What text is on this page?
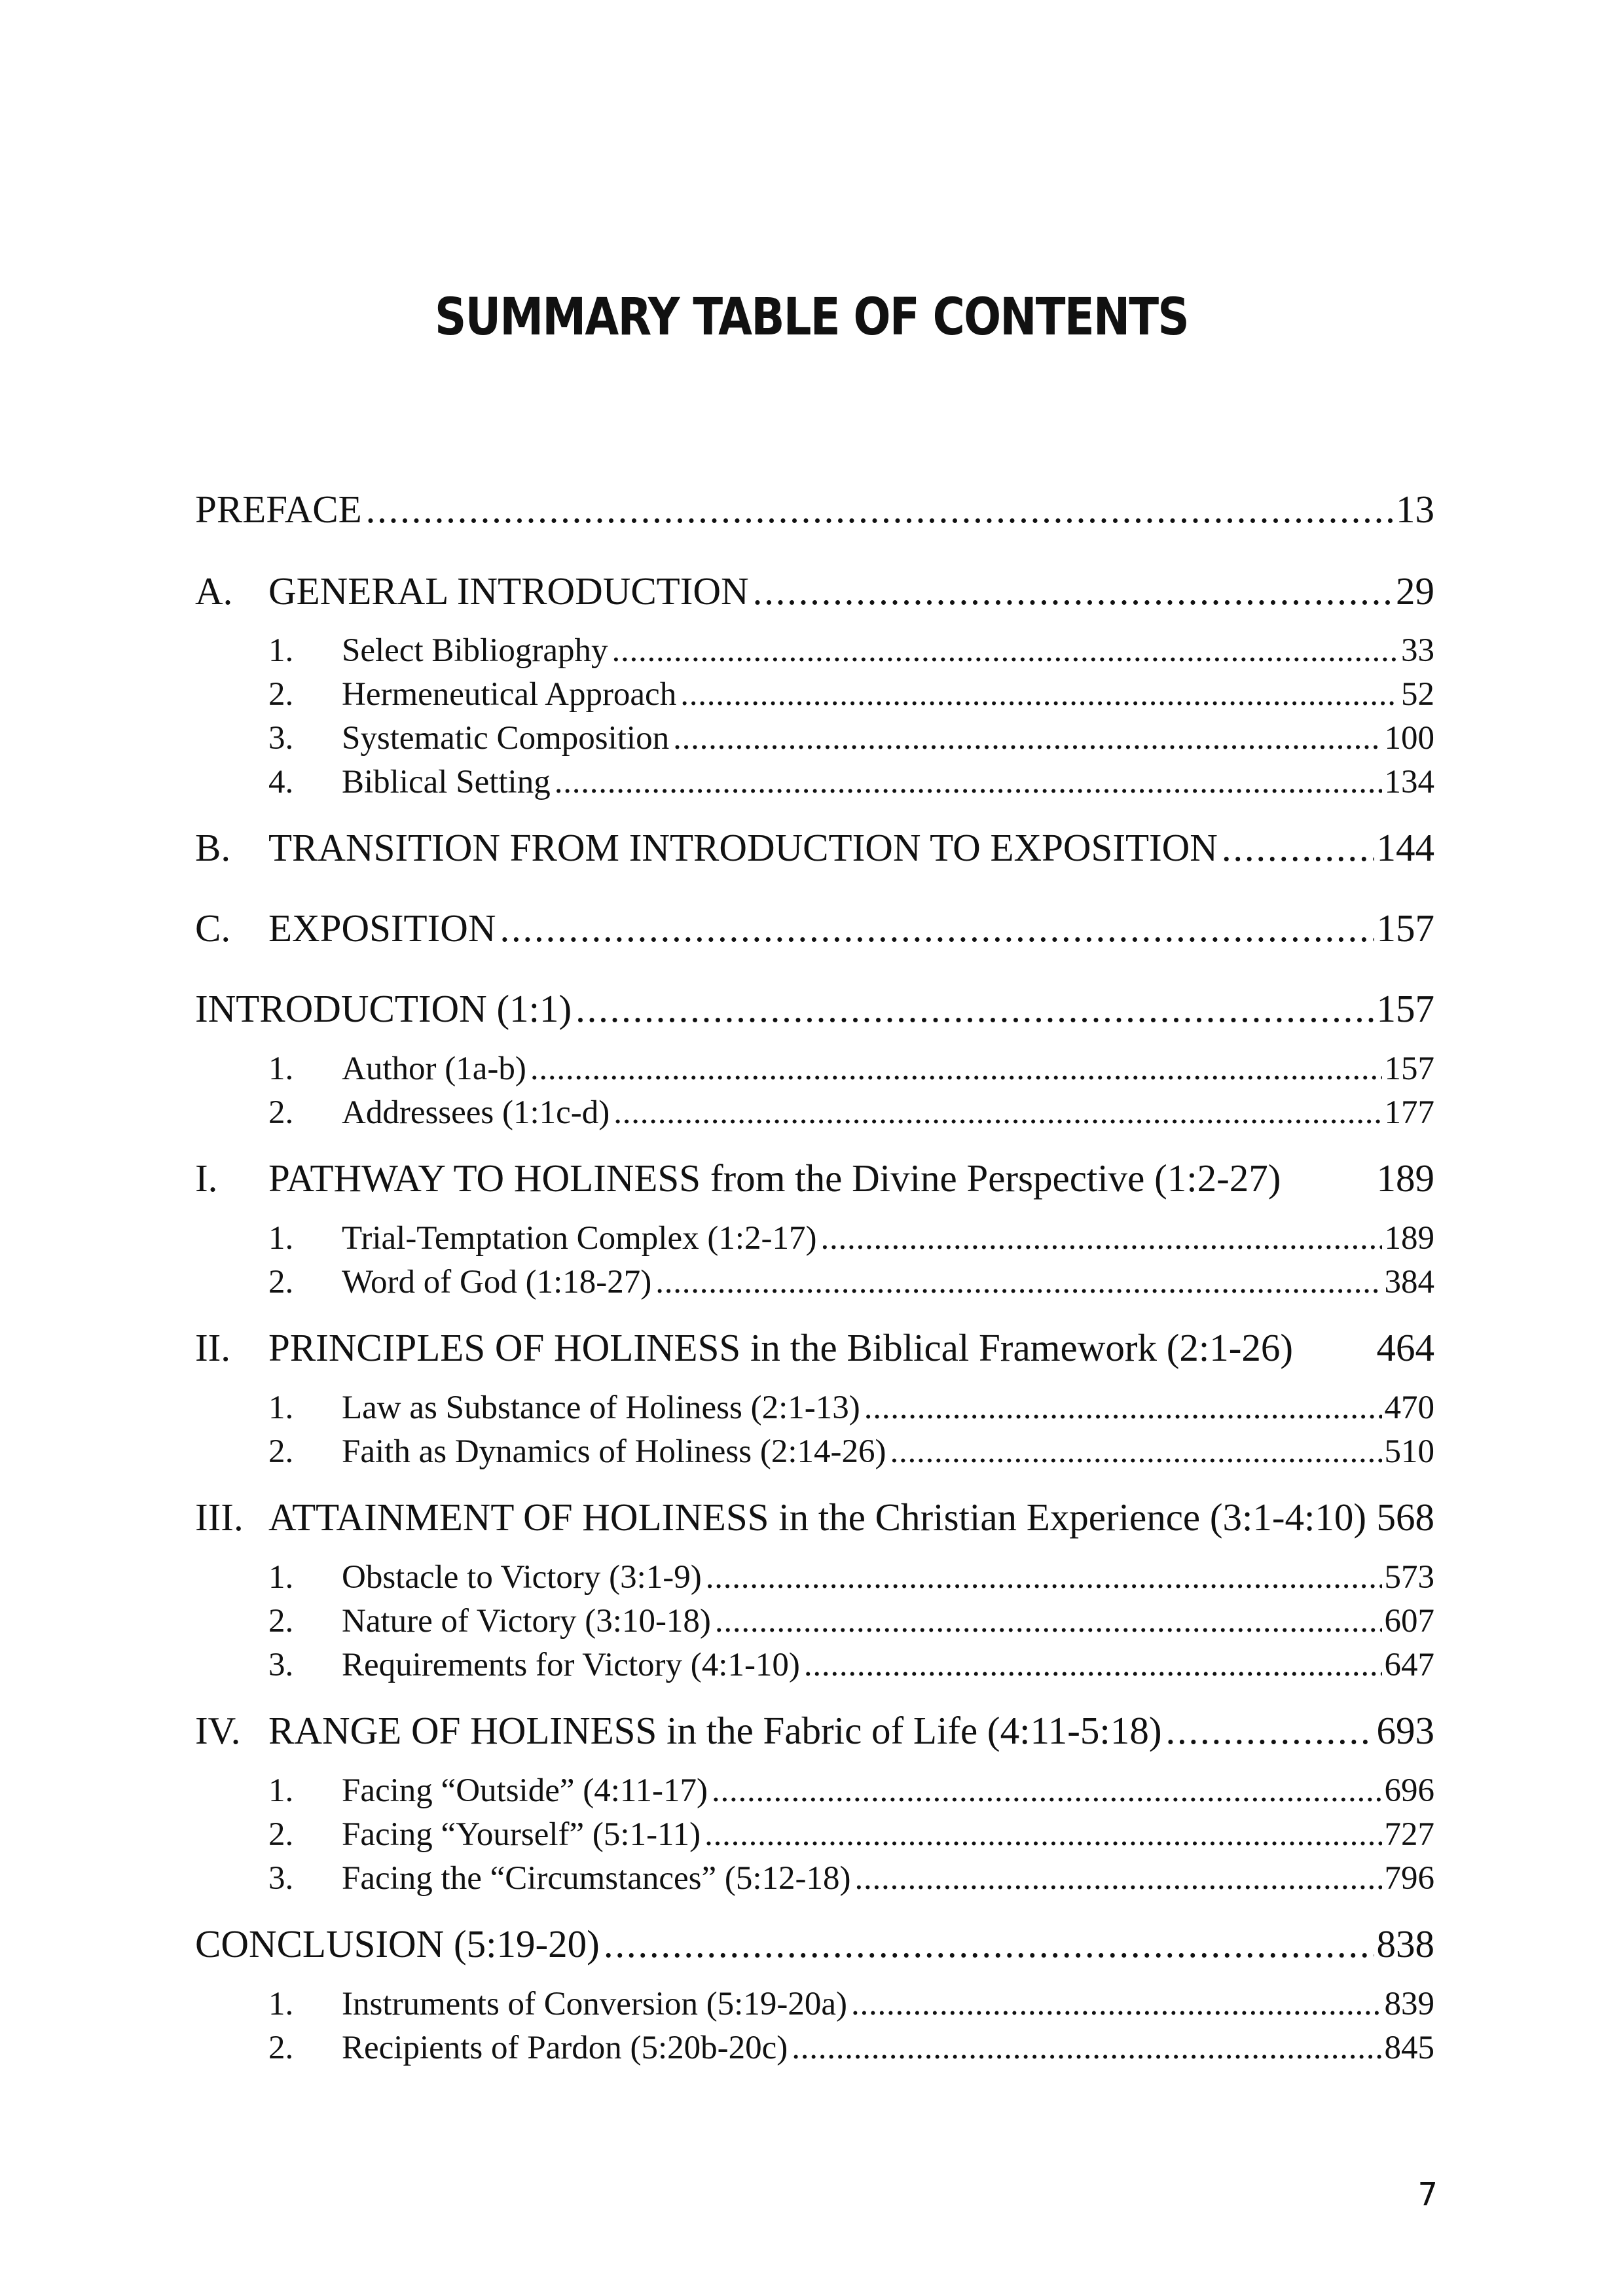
SUMMARY TABLE OF CONTENTS
PREFACE . . .	13
A. GENERAL INTRODUCTION . . .	29
1.	Select Bibliography . . .	33
2.	Hermeneutical Approach . . .	52
3.	Systematic Composition . . .	100
4.	Biblical Setting . . .	134
B. TRANSITION FROM INTRODUCTION TO EXPOSITION . . .	144
C. EXPOSITION . . .	157
INTRODUCTION (1:1) . . .	157
1.	Author (1a-b) . . .	157
2.	Addressees (1:1c-d) . . .	177
I.	PATHWAY TO HOLINESS from the Divine Perspective (1:2-27) 189
1.	Trial-Temptation Complex (1:2-17) . . .	189
2.	Word of God (1:18-27) . . .	384
II. PRINCIPLES OF HOLINESS in the Biblical Framework (2:1-26) 464
1.	Law as Substance of Holiness (2:1-13) . . .	470
2.	Faith as Dynamics of Holiness (2:14-26) . . .	510
III. ATTAINMENT OF HOLINESS in the Christian Experience (3:1-4:10) 568
1.	Obstacle to Victory (3:1-9) . . .	573
2.	Nature of Victory (3:10-18) . . .	607
3.	Requirements for Victory (4:1-10) . . .	647
IV. RANGE OF HOLINESS in the Fabric of Life (4:11-5:18) . . .	693
1.	Facing “Outside” (4:11-17) . . .	696
2.	Facing “Yourself” (5:1-11) . . .	727
3.	Facing the “Circumstances” (5:12-18) . . .	796
CONCLUSION (5:19-20) . . .	838
1.	Instruments of Conversion (5:19-20a) . . .	839
2.	Recipients of Pardon (5:20b-20c) . . .	845
7
